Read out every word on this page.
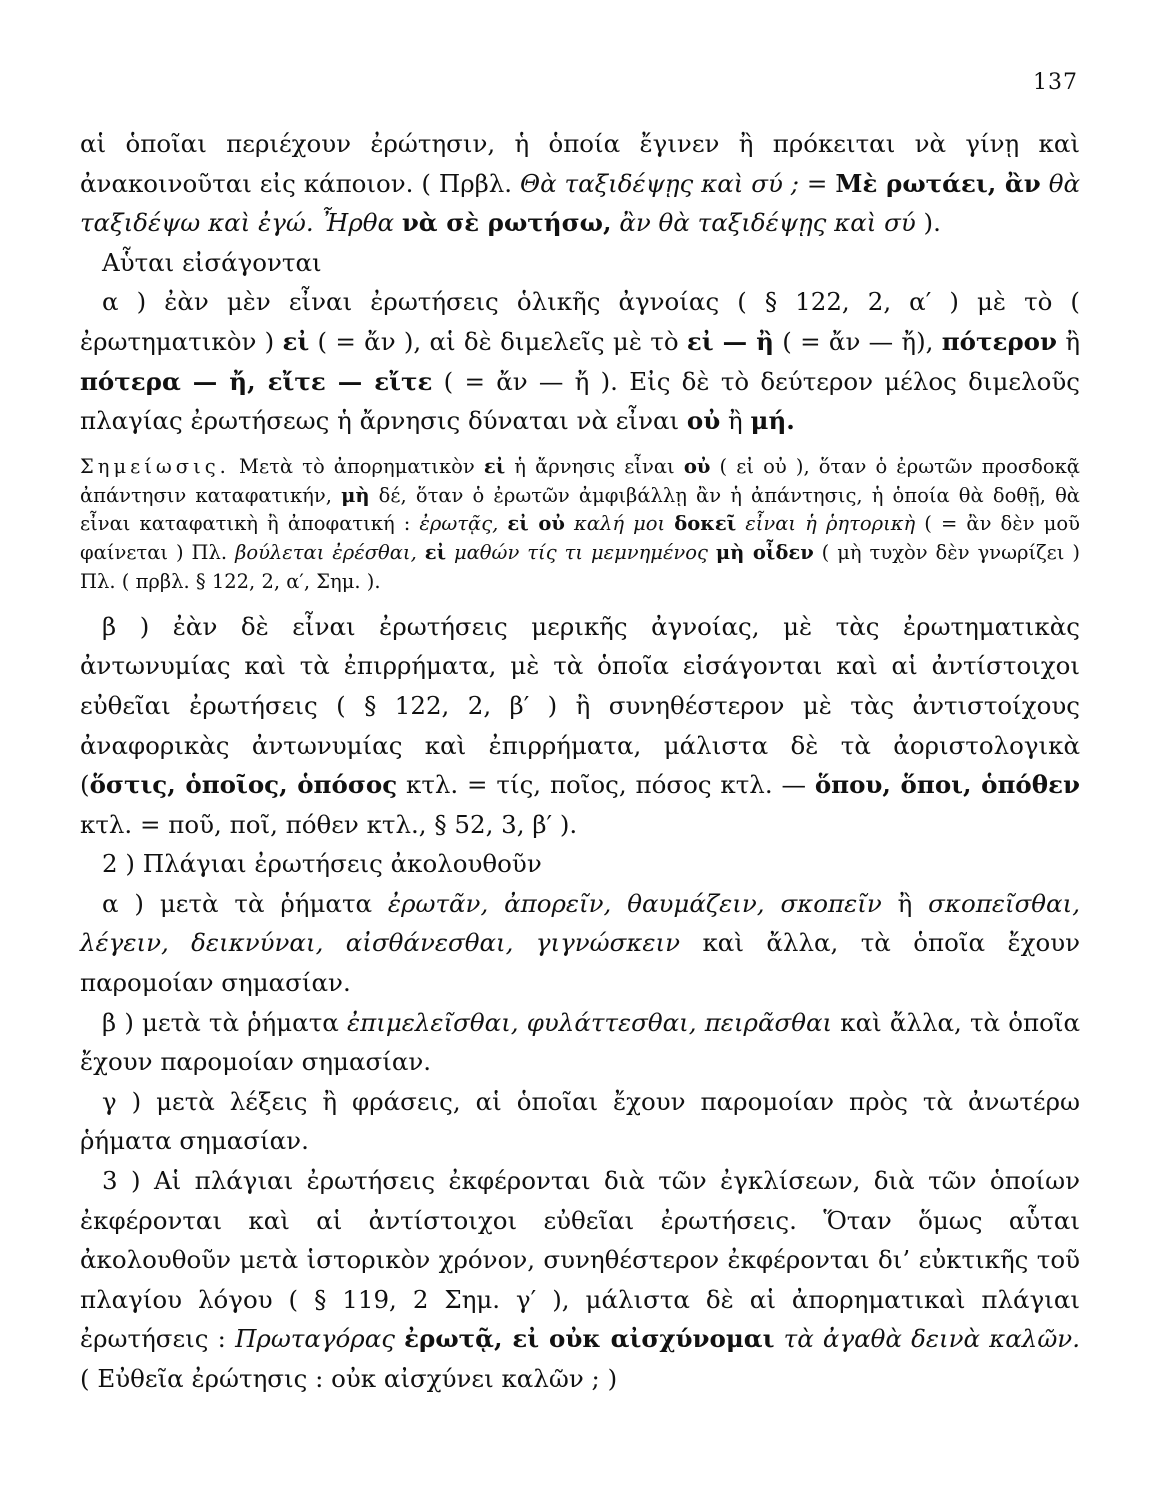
137

αἱ ὁποῖαι περιέχουν ἐρώτησιν, ἡ ὁποία ἔγινεν ἢ πρόκειται νὰ γίνῃ καὶ ἀνακοινοῦται εἰς κάποιον. ( Πρβλ. Θὰ ταξιδέψῃς καὶ σύ ; = Μὲ ρωτάει, ἂν θὰ ταξιδέψω καὶ ἐγώ. Ἦρθα νὰ σὲ ρωτήσω, ἂν θὰ ταξιδέψῃς καὶ σύ ).

Αὗται εἰσάγονται

α ) ἐὰν μὲν εἶναι ἐρωτήσεις ὁλικῆς ἀγνοίας ( § 122, 2, α′ ) μὲ τὸ ( ἐρωτηματικὸν ) εἰ ( = ἄν ), αἱ δὲ διμελεῖς μὲ τὸ εἰ — ἢ ( = ἄν — ἤ), πότερον ἢ πότερα — ἤ, εἴτε — εἴτε ( = ἄν — ἤ ). Εἰς δὲ τὸ δεύτερον μέλος διμελοῦς πλαγίας ἐρωτήσεως ἡ ἄρνησις δύναται νὰ εἶναι οὐ ἢ μή.

Σημείωσις. Μετὰ τὸ ἀπορηματικὸν εἰ ἡ ἄρνησις εἶναι οὐ ( εἰ οὐ ), ὅταν ὁ ἐρωτῶν προσδοκᾷ ἀπάντησιν καταφατικήν, μὴ δέ, ὅταν ὁ ἐρωτῶν ἀμφιβάλλῃ ἂν ἡ ἀπάντησις, ἡ ὁποία θὰ δοθῇ, θὰ εἶναι καταφατικὴ ἢ ἀποφατική : ἐρωτᾷς, εἰ οὐ καλή μοι δοκεῖ εἶναι ἡ ῥητορικὴ ( = ἂν δὲν μοῦ φαίνεται ) Πλ. βούλεται ἐρέσθαι, εἰ μαθών τίς τι μεμνημένος μὴ οἶδεν ( μὴ τυχὸν δὲν γνωρίζει ) Πλ. ( πρβλ. § 122, 2, α′, Σημ. ).

β ) ἐὰν δὲ εἶναι ἐρωτήσεις μερικῆς ἀγνοίας, μὲ τὰς ἐρωτηματικὰς ἀντωνυμίας καὶ τὰ ἐπιρρήματα, μὲ τὰ ὁποῖα εἰσάγονται καὶ αἱ ἀντίστοιχοι εὐθεῖαι ἐρωτήσεις ( § 122, 2, β′ ) ἢ συνηθέστερον μὲ τὰς ἀντιστοίχους ἀναφορικὰς ἀντωνυμίας καὶ ἐπιρρήματα, μάλιστα δὲ τὰ ἀοριστολογικὰ (ὅστις, ὁποῖος, ὁπόσος κτλ. = τίς, ποῖος, πόσος κτλ. — ὅπου, ὅποι, ὁπόθεν κτλ. = ποῦ, ποῖ, πόθεν κτλ., § 52, 3, β′ ).

2 ) Πλάγιαι ἐρωτήσεις ἀκολουθοῦν

α ) μετὰ τὰ ῥήματα ἐρωτᾶν, ἀπορεῖν, θαυμάζειν, σκοπεῖν ἢ σκοπεῖσθαι, λέγειν, δεικνύναι, αἰσθάνεσθαι, γιγνώσκειν καὶ ἄλλα, τὰ ὁποῖα ἔχουν παρομοίαν σημασίαν.

β ) μετὰ τὰ ῥήματα ἐπιμελεῖσθαι, φυλάττεσθαι, πειρᾶσθαι καὶ ἄλλα, τὰ ὁποῖα ἔχουν παρομοίαν σημασίαν.

γ ) μετὰ λέξεις ἢ φράσεις, αἱ ὁποῖαι ἔχουν παρομοίαν πρὸς τὰ ἀνωτέρω ῥήματα σημασίαν.

3 ) Αἱ πλάγιαι ἐρωτήσεις ἐκφέρονται διὰ τῶν ἐγκλίσεων, διὰ τῶν ὁποίων ἐκφέρονται καὶ αἱ ἀντίστοιχοι εὐθεῖαι ἐρωτήσεις. Ὅταν ὅμως αὗται ἀκολουθοῦν μετὰ ἱστορικὸν χρόνον, συνηθέστερον ἐκφέρονται δι’ εὐκτικῆς τοῦ πλαγίου λόγου ( § 119, 2 Σημ. γ′ ), μάλιστα δὲ αἱ ἀπορηματικαὶ πλάγιαι ἐρωτήσεις : Πρωταγόρας ἐρωτᾷ, εἰ οὐκ αἰσχύνομαι τὰ ἀγαθὰ δεινὰ καλῶν. ( Εὐθεῖα ἐρώτησις : οὐκ αἰσχύνει καλῶν ; )
